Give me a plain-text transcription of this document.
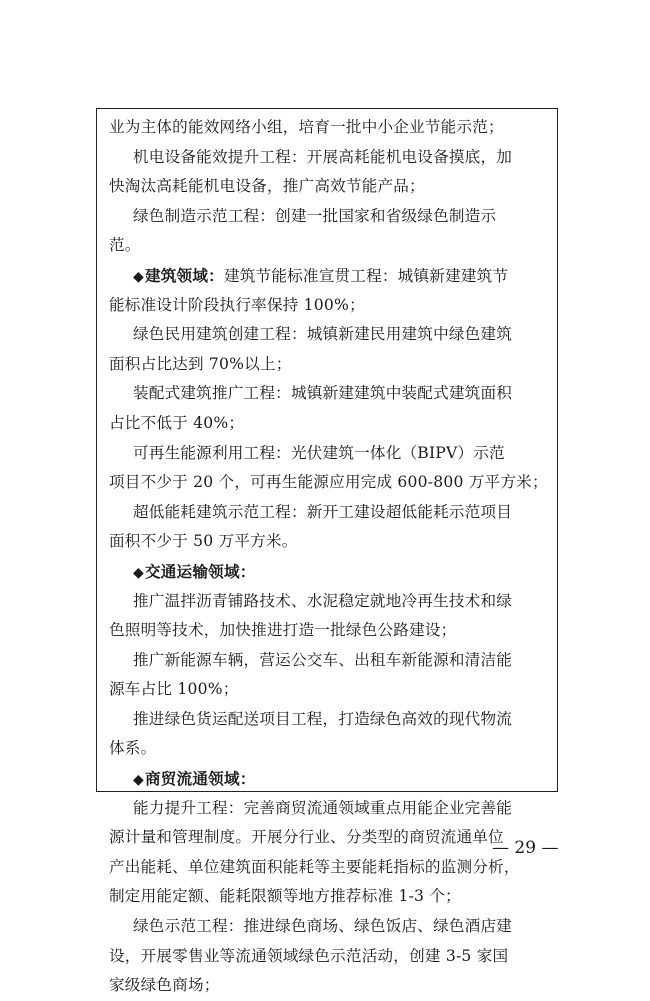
业为主体的能效网络小组，培育一批中小企业节能示范；
机电设备能效提升工程：开展高耗能机电设备摸底，加
快淘汰高耗能机电设备，推广高效节能产品；
绿色制造示范工程：创建一批国家和省级绿色制造示
范。
◆建筑领域：建筑节能标准宣贯工程：城镇新建建筑节
能标准设计阶段执行率保持 100%；
绿色民用建筑创建工程：城镇新建民用建筑中绿色建筑
面积占比达到 70%以上；
装配式建筑推广工程：城镇新建建筑中装配式建筑面积
占比不低于 40%；
可再生能源利用工程：光伏建筑一体化（BIPV）示范
项目不少于 20 个，可再生能源应用完成 600-800 万平方米；
超低能耗建筑示范工程：新开工建设超低能耗示范项目
面积不少于 50 万平方米。
◆交通运输领域：
推广温拌沥青铺路技术、水泥稳定就地冷再生技术和绿
色照明等技术，加快推进打造一批绿色公路建设；
推广新能源车辆，营运公交车、出租车新能源和清洁能
源车占比 100%；
推进绿色货运配送项目工程，打造绿色高效的现代物流
体系。
◆商贸流通领域：
能力提升工程：完善商贸流通领域重点用能企业完善能
源计量和管理制度。开展分行业、分类型的商贸流通单位
产出能耗、单位建筑面积能耗等主要能耗指标的监测分析，
制定用能定额、能耗限额等地方推荐标准 1-3 个；
绿色示范工程：推进绿色商场、绿色饭店、绿色酒店建
设，开展零售业等流通领域绿色示范活动，创建 3-5 家国
家级绿色商场；
— 29 —
